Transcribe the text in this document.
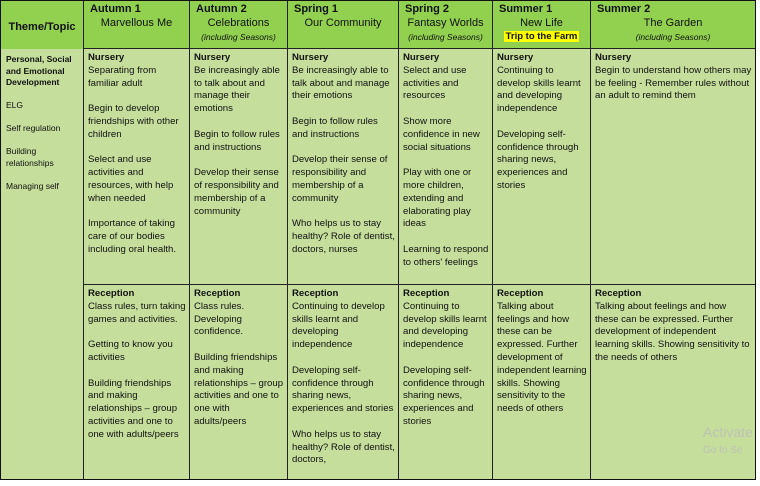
Theme/Topic
Autumn 1
Marvellous Me
Autumn 2
Celebrations
(including Seasons)
Spring 1
Our Community
Spring 2
Fantasy Worlds
(including Seasons)
Summer 1
New Life
Trip to the Farm
Summer 2
The Garden
(including Seasons)

Personal, Social and Emotional Development

ELG

Self regulation

Building relationships

Managing self

Nursery

Separating from familiar adult

Begin to develop friendships with other children

Select and use activities and resources, with help when needed

Importance of taking care of our bodies including oral health.

Nursery

Be increasingly able to talk about and manage their emotions

Begin to follow rules and instructions

Develop their sense of responsibility and membership of a community

Nursery

Be increasingly able to talk about and manage their emotions

Begin to follow rules and instructions

Develop their sense of responsibility and membership of a community

Who helps us to stay healthy? Role of dentist, doctors, nurses

Nursery

Select and use activities and resources

Show more confidence in new social situations

Play with one or more children, extending and elaborating play ideas

Learning to respond to others' feelings

Nursery

Continuing to develop skills learnt and developing independence

Developing self-confidence through sharing news, experiences and stories

Nursery

Begin to understand how others may be feeling - Remember rules without an adult to remind them

Reception

Class rules, turn taking games and activities.

Getting to know you activities

Building friendships and making relationships – group activities and one to one with adults/peers

Reception

Class rules. Developing confidence.

Building friendships and making relationships – group activities and one to one with adults/peers

Reception

Continuing to develop skills learnt and developing independence

Developing self-confidence through sharing news, experiences and stories

Who helps us to stay healthy? Role of dentist, doctors,

Reception

Continuing to develop skills learnt and developing independence

Developing self-confidence through sharing news, experiences and stories

Reception

Talking about feelings and how these can be expressed. Further development of independent learning skills. Showing sensitivity to the needs of others

Reception

Talking about feelings and how these can be expressed. Further development of independent learning skills. Showing sensitivity to the needs of others

Activate
Go to Se
